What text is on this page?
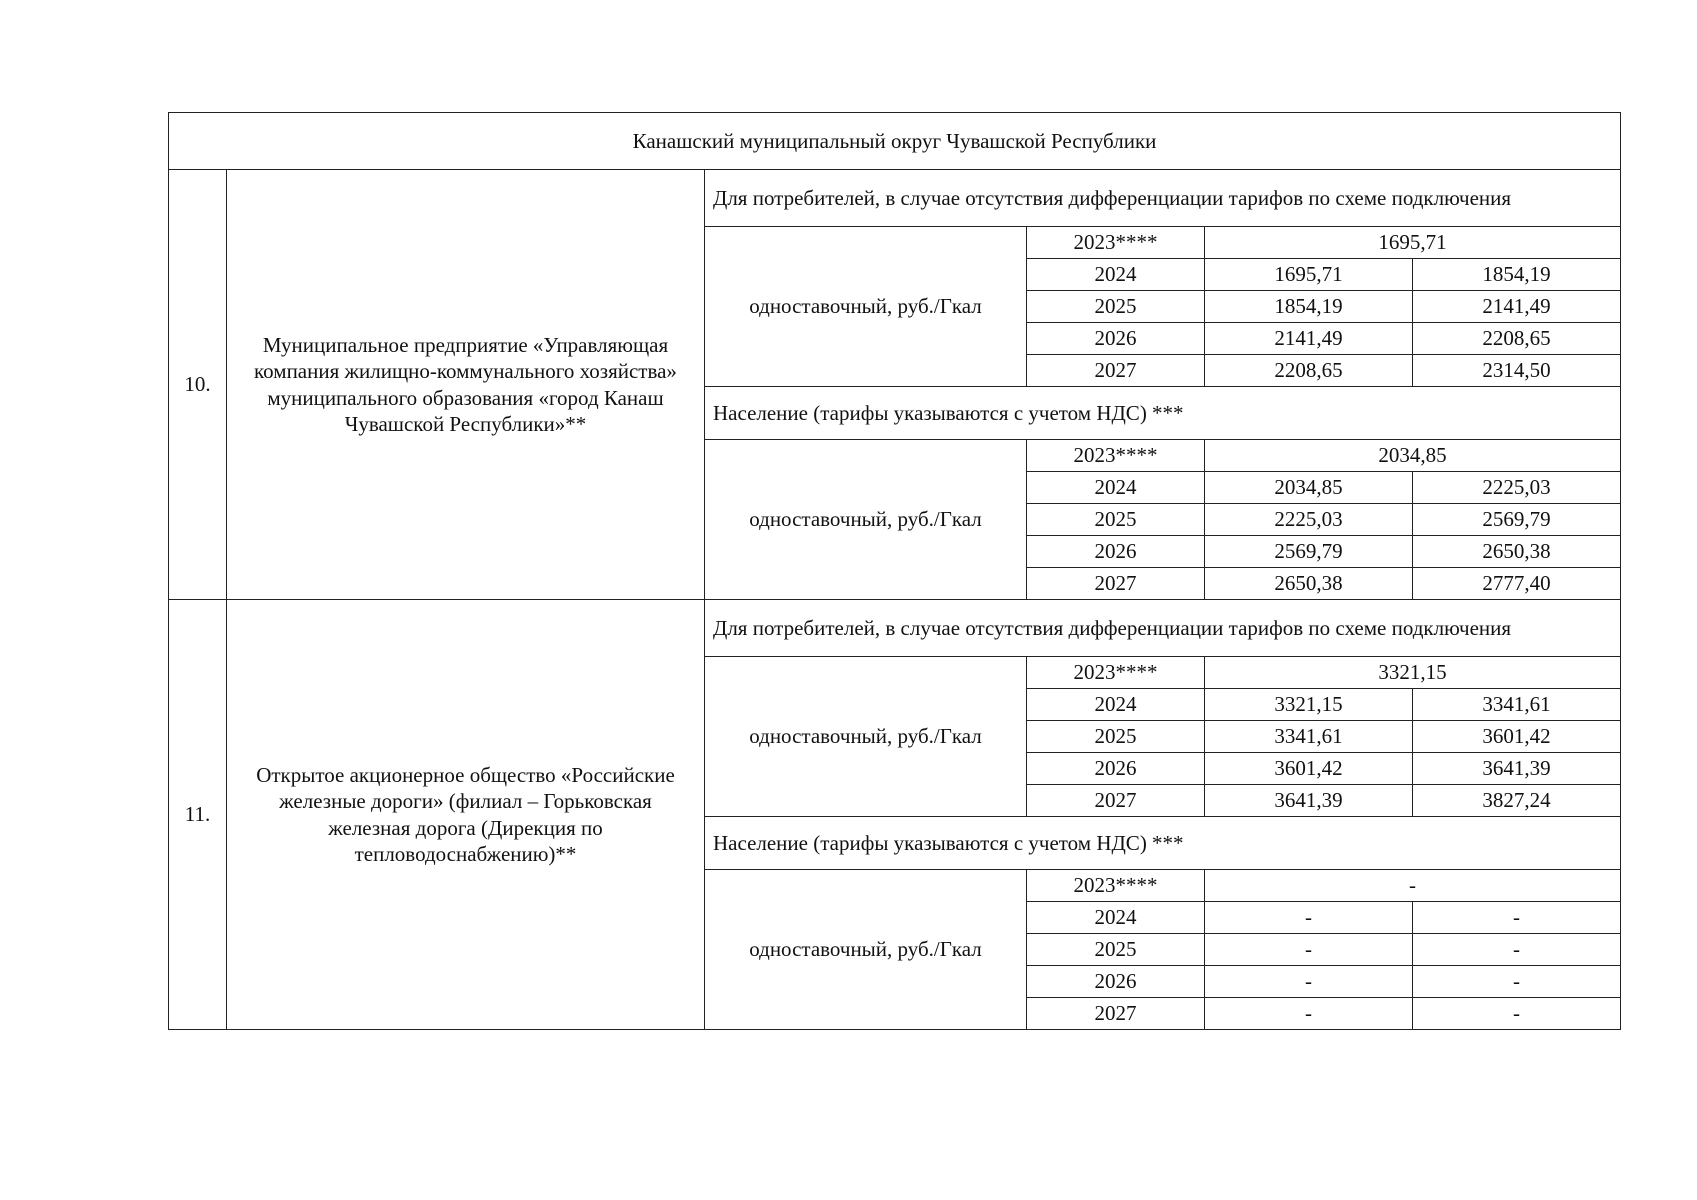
Канашский муниципальный округ Чувашской Республики					
10.	Муниципальное предприятие «Управляющая компания жилищно-коммунального хозяйства» муниципального образования «город Канаш Чувашской Республики»**	Для потребителей, в случае отсутствия дифференциации тарифов по схеме подключения			
		одноставочный, руб./Гкал	2023****	1695,71	
			2024	1695,71	1854,19
			2025	1854,19	2141,49
			2026	2141,49	2208,65
			2027	2208,65	2314,50
		Население (тарифы указываются с учетом НДС) ***			
		одноставочный, руб./Гкал	2023****	2034,85	
			2024	2034,85	2225,03
			2025	2225,03	2569,79
			2026	2569,79	2650,38
			2027	2650,38	2777,40
11.	Открытое акционерное общество «Российские железные дороги» (филиал – Горьковская железная дорога (Дирекция по тепловодоснабжению)**	Для потребителей, в случае отсутствия дифференциации тарифов по схеме подключения			
		одноставочный, руб./Гкал	2023****	3321,15	
			2024	3321,15	3341,61
			2025	3341,61	3601,42
			2026	3601,42	3641,39
			2027	3641,39	3827,24
		Население (тарифы указываются с учетом НДС) ***			
		одноставочный, руб./Гкал	2023****	-	
			2024	-	-
			2025	-	-
			2026	-	-
			2027	-	-
